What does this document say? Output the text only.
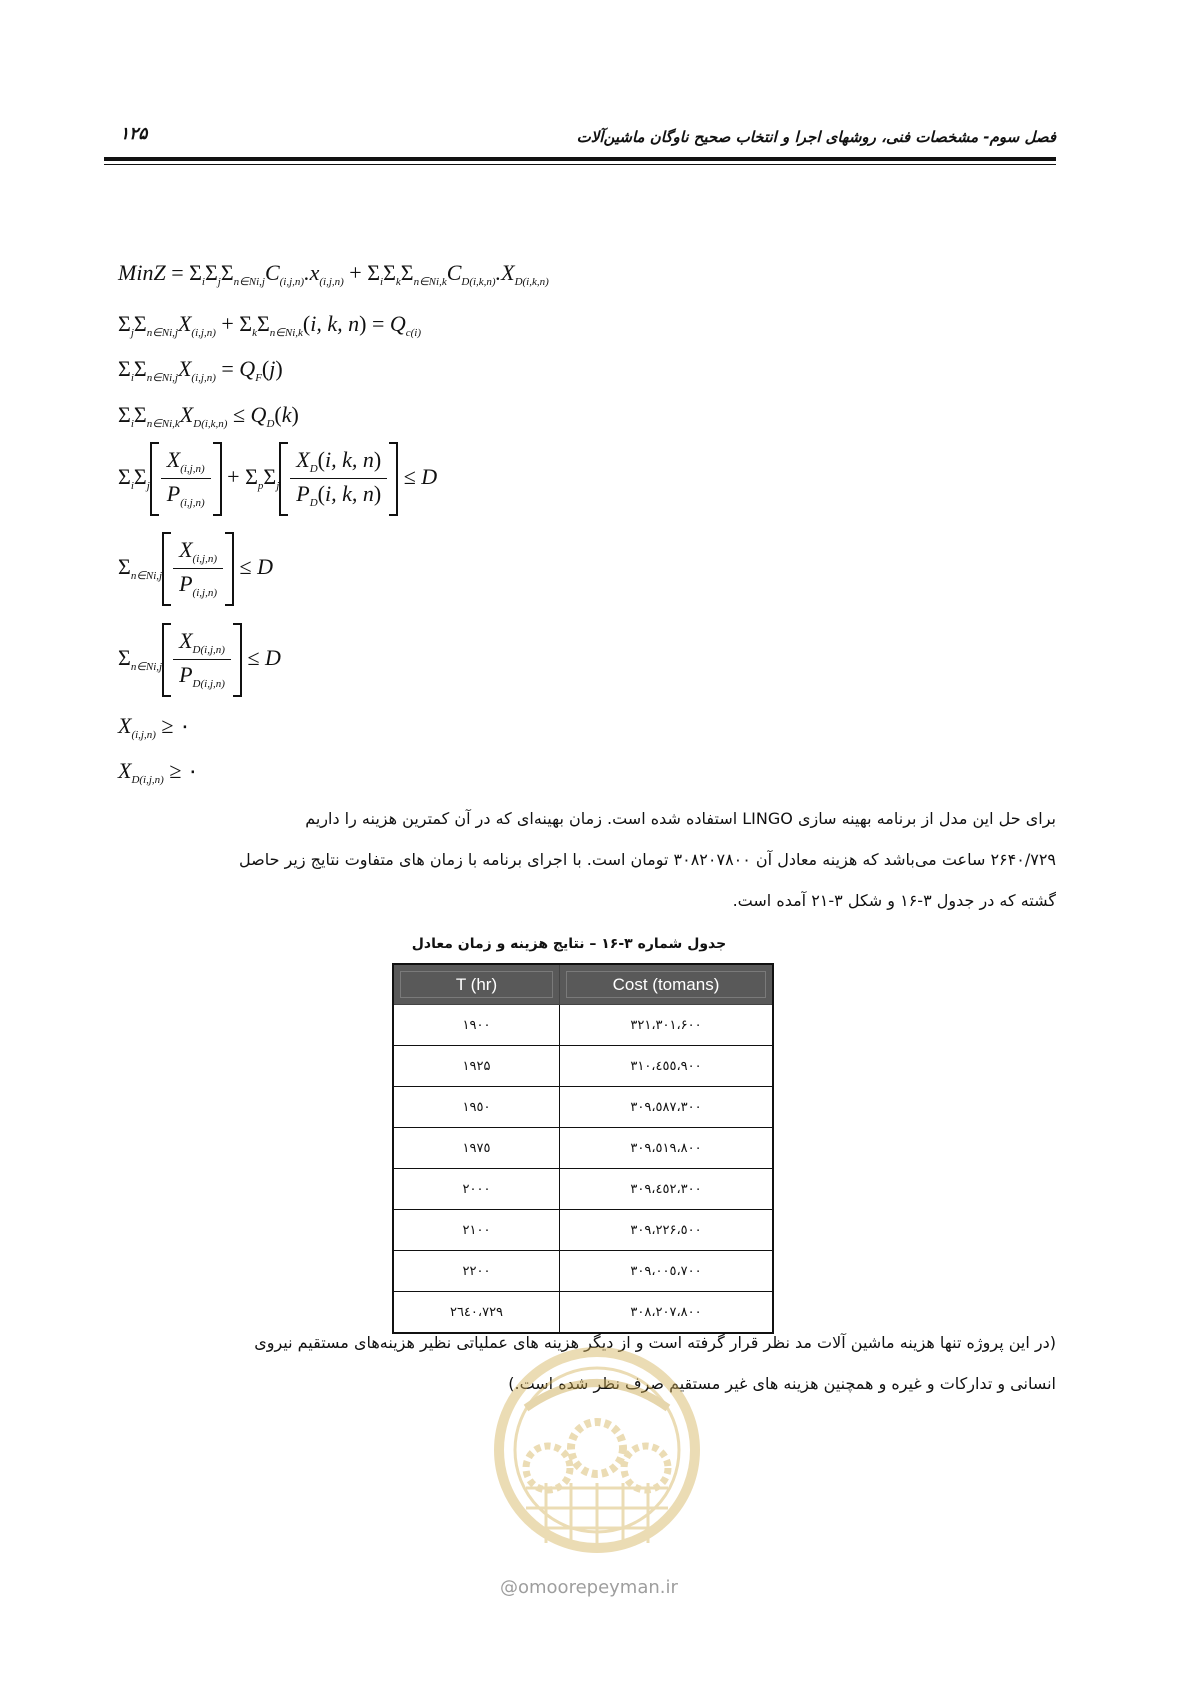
فصل سوم- مشخصات فنی، روشهای اجرا و انتخاب صحیح ناوگان ماشین‌آلات
۱۲۵
MinZ = $\Sigma_i\Sigma_j\Sigma_{n\in Ni,j}C_{(i,j,n)}.x_{(i,j,n)} + \Sigma_i\Sigma_k\Sigma_{n\in Ni,k}C_{D(i,k,n)}.X_{D(i,k,n)}$
$\Sigma_j\Sigma_{n\in Ni,j}X_{(i,j,n)} + \Sigma_k\Sigma_{n\in Ni,k}(i$, k, $n) = Q_{c(i)}$
$\Sigma_i\Sigma_{n\in Ni,j}X_{(i,j,n)} = Q_F(j)$
$\Sigma_i\Sigma_{n\in Ni,k}X_{D(i,k,n)} \le Q_D(k)$
$\Sigma_i\Sigma_j \frac{X_{(i,j,n)}}{P_{(i,j,n)}} + \Sigma_p\Sigma_j \frac{X_D(i, k, n)}{P_D(i, k, n)} \le D$
$\Sigma_{n\in Ni,j} \frac{X_{(i,j,n)}}{P_{(i,j,n)}} \le D$
$\Sigma_{n\in Ni,j} \frac{X_{D(i,j,n)}}{P_{D(i,j,n)}} \le D$
$X_{(i,j,n)}$ ≥ ۰
$X_{D(i,j,n)}$ ≥ ۰
برای حل این مدل از برنامه بهینه سازی LINGO استفاده شده است. زمان بهینه‌ای که در آن کمترین هزینه را داریم
۲۶۴۰/۷۲۹ ساعت می‌باشد که هزینه معادل آن ۳۰۸۲۰۷۸۰۰ تومان است. با اجرای برنامه با زمان های متفاوت نتایج زیر حاصل
گشته که در جدول ۳-۱۶ و شکل ۳-۲۱ آمده است.
جدول شماره ۳-۱۶ – نتایج هزینه و زمان معادل
T (hr)	Cost (tomans)

۱۹۰۰	۳۲۱،۳۰۱،۶۰۰
۱۹۲۵	۳۱۰،٤٥٥،۹۰۰
۱۹٥۰	۳۰۹،٥۸۷،۳۰۰
۱۹۷٥	۳۰۹،٥۱۹،۸۰۰
۲۰۰۰	۳۰۹،٤٥۲،۳۰۰
۲۱۰۰	۳۰۹،۲۲۶،٥۰۰
۲۲۰۰	۳۰۹،۰۰٥،۷۰۰
۲٦٤۰،۷۲۹	۳۰۸،۲۰۷،۸۰۰
(در این پروژه تنها هزینه ماشین آلات مد نظر قرار گرفته است و از دیگر هزینه های عملیاتی نظیر هزینه‌های مستقیم نیروی
انسانی و تدارکات و غیره و همچنین هزینه های غیر مستقیم صرف نظر شده است.)
@omoorepeyman.ir
